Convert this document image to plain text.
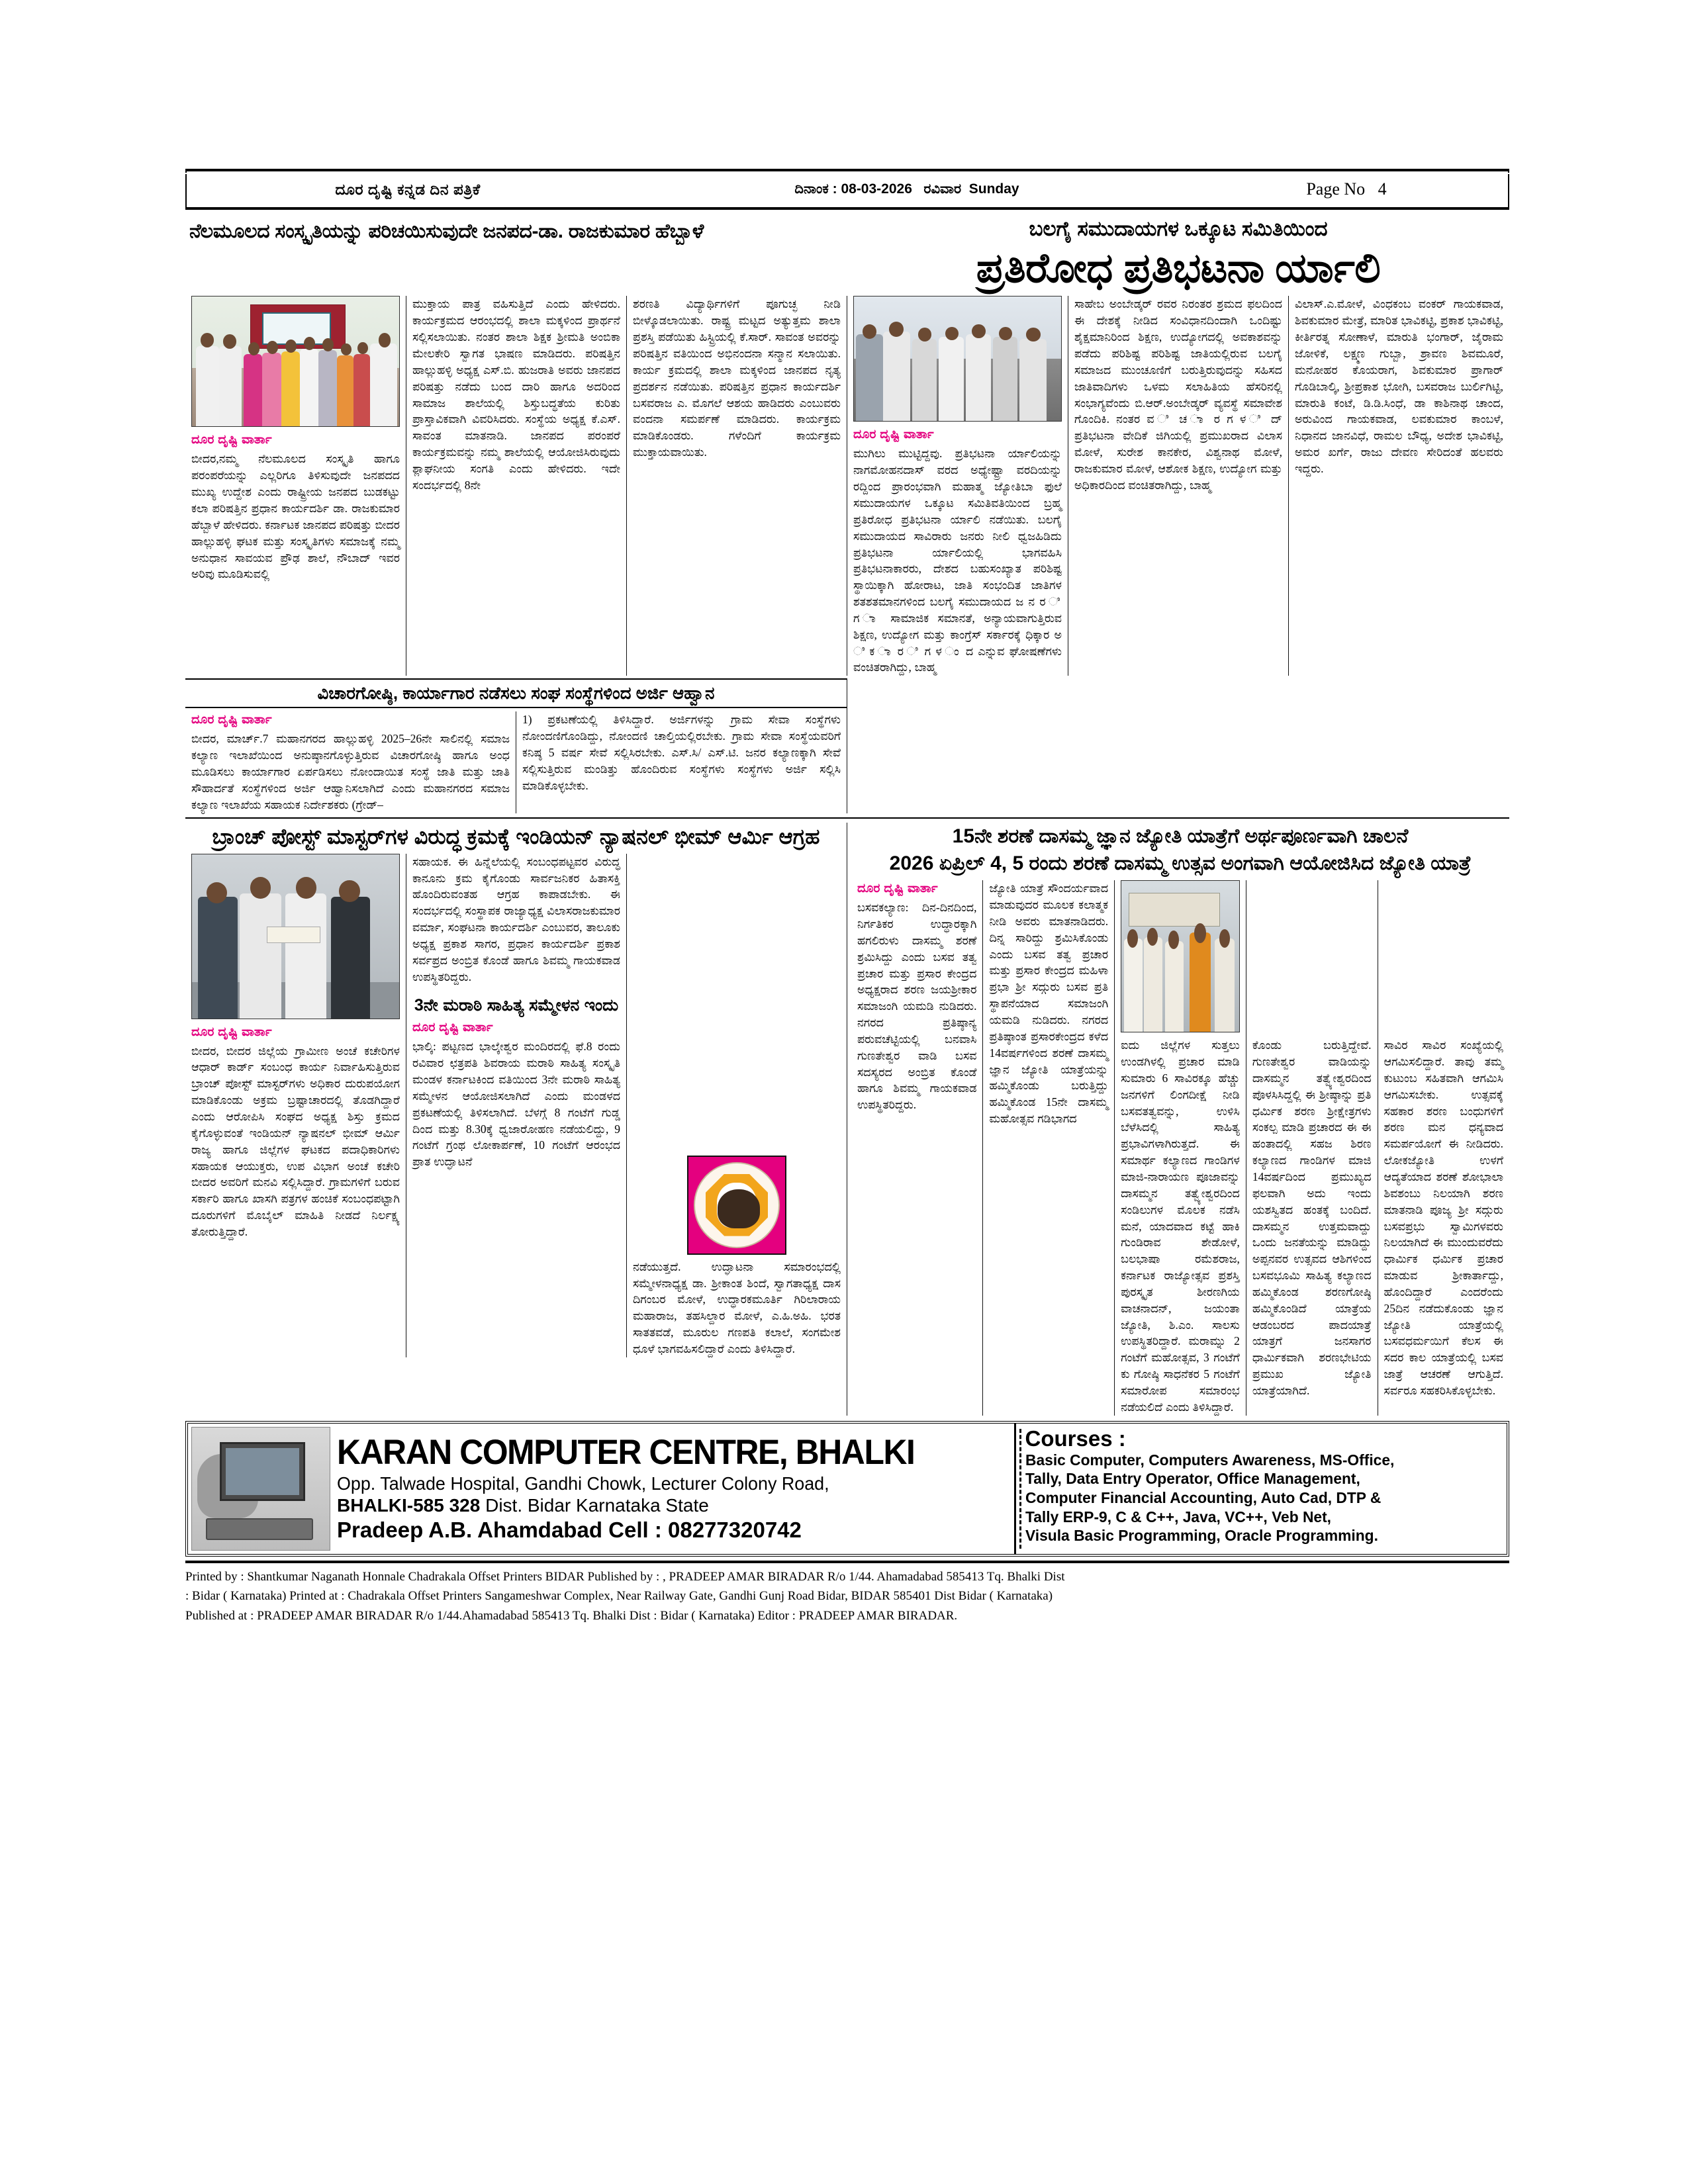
ದೂರ ದೃಷ್ಟಿ ಕನ್ನಡ ದಿನ ಪತ್ರಿಕೆ	ದಿನಾಂಕ : 08-03-2026 ರವಿವಾರ Sunday	Page No 4
ನೆಲಮೂಲದ ಸಂಸ್ಕೃತಿಯನ್ನು ಪರಿಚಯಿಸುವುದೇ ಜನಪದ-ಡಾ. ರಾಜಕುಮಾರ ಹೆಬ್ಬಾಳೆ	ಬಲಗೈ ಸಮುದಾಯಗಳ ಒಕ್ಕೂಟ ಸಮಿತಿಯಿಂದ
ಪ್ರತಿರೋಧ ಪ್ರತಿಭಟನಾ ರ್ಯಾಲಿ
ದೂರ ದೃಷ್ಟಿ ವಾರ್ತಾ

ಬೀದರ,ನಮ್ಮ ನೆಲಮೂಲದ ಸಂಸ್ಕೃತಿ ಹಾಗೂ ಪರಂಪರೆಯನ್ನು ಎಲ್ಲರಿಗೂ ತಿಳಿಸುವುದೇ ಜನಪದದ ಮುಖ್ಯ ಉದ್ದೇಶ ಎಂದು ರಾಷ್ಟ್ರೀಯ ಜನಪದ ಬುಡಕಟ್ಟು ಕಲಾ ಪರಿಷತ್ತಿನ ಪ್ರಧಾನ ಕಾರ್ಯದರ್ಶಿ ಡಾ. ರಾಜಕುಮಾರ ಹೆಬ್ಬಾಳೆ ಹೇಳಿದರು. ಕರ್ನಾಟಕ ಜಾನಪದ ಪರಿಷತ್ತು ಬೀದರ ಹಾಲ್ಲುಹಳ್ಳಿ ಘಟಕ ಮತ್ತು ಸಂಸ್ಕೃತಿಗಳು ಸಮಾಜಕ್ಕೆ ನಮ್ಮ ಅನುಧಾನ ಸಾವಯವ ಪ್ರೌಢ ಶಾಲೆ, ನೌಬಾದ್ ಇವರ ಅರಿವು ಮೂಡಿಸುವಲ್ಲಿ

ಮುಕ್ತಾಯ ಪಾತ್ರ ವಹಿಸುತ್ತಿದೆ ಎಂದು ಹೇಳಿದರು. ಕಾರ್ಯಕ್ರಮದ ಆರಂಭದಲ್ಲಿ ಶಾಲಾ ಮಕ್ಕಳಿಂದ ಪ್ರಾರ್ಥನೆ ಸಲ್ಲಿಸಲಾಯಿತು. ನಂತರ ಶಾಲಾ ಶಿಕ್ಷಕ ಶ್ರೀಮತಿ ಅಂಬಿಕಾ ಮೇಲಕೇರಿ ಸ್ವಾಗತ ಭಾಷಣ ಮಾಡಿದರು. ಪರಿಷತ್ತಿನ ಹಾಲ್ಲುಹಳ್ಳಿ ಅಧ್ಯಕ್ಷ ಎಸ್.ಬಿ. ಹುಜರಾತಿ ಅವರು ಜಾನಪದ ಪರಿಷತ್ತು ನಡೆದು ಬಂದ ದಾರಿ ಹಾಗೂ ಅದರಿಂದ ಸಾಮಾಜ ಶಾಲೆಯಲ್ಲಿ ಶಿಸ್ತುಬದ್ಧತೆಯ ಕುರಿತು ಪ್ರಾಸ್ತಾವಿಕವಾಗಿ ವಿವರಿಸಿದರು. ಸಂಸ್ಥೆಯ ಅಧ್ಯಕ್ಷ ಕೆ.ಎಸ್. ಸಾವಂತ ಮಾತನಾಡಿ. ಜಾನಪದ ಪರಂಪರೆ ಕಾರ್ಯಕ್ರಮವನ್ನು ನಮ್ಮ ಶಾಲೆಯಲ್ಲಿ ಆಯೋಜಿಸಿರುವುದು ಶ್ಲಾಘನೀಯ ಸಂಗತಿ ಎಂದು ಹೇಳಿದರು. ಇದೇ ಸಂದರ್ಭದಲ್ಲಿ 8ನೇ

ಶರಣತಿ ವಿದ್ಯಾರ್ಥಿಗಳಿಗೆ ಪೂಗುಚ್ಛ ನೀಡಿ ಬೀಳ್ಕೊಡಲಾಯಿತು. ರಾಷ್ಟ್ರ ಮಟ್ಟದ ಅತ್ಯುತ್ತಮ ಶಾಲಾ ಪ್ರಶಸ್ತಿ ಪಡೆಯಿತು ಹಿಸ್ಟ್ರಿಯಲ್ಲಿ ಕೆ.ಸಾರ್. ಸಾವಂತ ಅವರನ್ನು ಪರಿಷತ್ತಿನ ವತಿಯಿಂದ ಅಭಿನಂದನಾ ಸನ್ಮಾನ ಸಲಾಯಿತು. ಕಾರ್ಯ ಕ್ರಮದಲ್ಲಿ ಶಾಲಾ ಮಕ್ಕಳಿಂದ ಜಾನಪದ ನೃತ್ಯ ಪ್ರದರ್ಶನ ನಡೆಯಿತು. ಪರಿಷತ್ತಿನ ಪ್ರಧಾನ ಕಾರ್ಯದರ್ಶಿ ಬಸವರಾಜ ಎ. ಮೊಗಲೆ ಆಶಯ ಹಾಡಿದರು ಎಂಬುವರು ವಂದನಾ ಸಮರ್ಪಣೆ ಮಾಡಿದರು. ಕಾರ್ಯಕ್ರಮ ಮಾಡಿಕೊಂಡರು. ಗಳೆಂದಿಗೆ ಕಾರ್ಯಕ್ರಮ ಮುಕ್ತಾಯವಾಯಿತು.

ದೂರ ದೃಷ್ಟಿ ವಾರ್ತಾ

ಮುಗಿಲು ಮುಟ್ಟಿದ್ದವು. ಪ್ರತಿಭಟನಾ ರ್ಯಾಲಿಯನ್ನು ನಾಗಮೋಹನದಾಸ್ ವರದ ಅಧ್ಯೇಷ್ಟ್ರಾ ವರದಿಯನ್ನು ರದ್ದಿಂದ ಪ್ರಾರಂಭವಾಗಿ ಮಹಾತ್ಮ ಜ್ಯೋತಿಬಾ ಫುಲೆ ಸಮುದಾಯಗಳ ಒಕ್ಕೂಟ ಸಮಿತಿವತಿಯಿಂದ ಬ್ರಹ್ಮ ಪ್ರತಿರೋಧ ಪ್ರತಿಭಟನಾ ರ್ಯಾಲಿ ನಡೆಯಿತು. ಬಲಗೈ ಸಮುದಾಯದ ಸಾವಿರಾರು ಜನರು ನೀಲಿ ಧ್ವಜಹಿಡಿದು ಪ್ರತಿಭಟನಾ ರ್ಯಾಲಿಯಲ್ಲಿ ಭಾಗವಹಿಸಿ ಪ್ರತಿಭಟನಾಕಾರರು, ದೇಶದ ಬಹುಸಂಖ್ಯಾತ ಪರಿಶಿಷ್ಟ ಸ್ಥಾಯಿಕ್ಕಾಗಿ ಹೋರಾಟ, ಜಾತಿ ಸಂಭಂದಿತ ಜಾತಿಗಳ ಶತಶತಮಾನಗಳಿಂದ ಬಲಗೈ ಸಮುದಾಯದ ಜ ನ ರ ಿ ಗ ಾ ಸಾಮಾಜಿಕ ಸಮಾನತೆ, ಅನ್ಯಾಯವಾಗುತ್ತಿರುವ ಶಿಕ್ಷಣ, ಉದ್ಯೋಗ ಮತ್ತು ಕಾಂಗ್ರೆಸ್ ಸರ್ಕಾರಕ್ಕೆ ಧಿಕ್ಕಾರ ಅ ಿ ಕ ಾ ರ ಿ ಗ ಳ ಂ ದ ಎನ್ನುವ ಘೋಷಣೆಗಳು ವಂಚಿತರಾಗಿದ್ದು, ಬಾಹ್ಮ

ಸಾಹೇಬ ಅಂಬೇಡ್ಕರ್ ರವರ ನಿರಂತರ ಶ್ರಮದ ಫಲದಿಂದ ಈ ದೇಶಕ್ಕೆ ನೀಡಿದ ಸಂವಿಧಾನದಿಂದಾಗಿ ಒಂದಿಷ್ಟು ಶೈಕ್ಷಮಾನಿರಿಂದ ಶಿಕ್ಷಣ, ಉದ್ಯೋಗದಲ್ಲಿ ಅವಕಾಶವನ್ನು ಪಡೆದು ಪರಿಶಿಷ್ಟ ಪರಿಶಿಷ್ಟ ಜಾತಿಯಲ್ಲಿರುವ ಬಲಗೈ ಸಮಾಜದ ಮುಂಚೂಣಿಗೆ ಬರುತ್ತಿರುವುದನ್ನು ಸಹಿಸದ ಜಾತಿವಾದಿಗಳು ಒಳಮ ಸಲಾಹಿತಿಯ ಹೆಸರಿನಲ್ಲಿ ಸಂಭಾಗ್ಯವೆಂದು ಬಿ.ಆರ್.ಅಂಬೇಡ್ಕರ್ ವ್ಯವಸ್ಥೆ ಸಮಾವೇಶ ಗೊಂದಿಕಿ. ನಂತರ ವ ಿ ಚ ಾ ರ ಗ ಳ ಿ ದ್ ಪ್ರತಿಭಟನಾ ವೇದಿಕೆ ಜಿಗಿಯಲ್ಲಿ ಪ್ರಮುಖರಾದ ವಿಲಾಸ ಮೋಳೆ, ಸುರೇಶ ಕಾನಕೇರ, ವಿಶ್ವನಾಥ ಮೋಳೆ, ರಾಜಕುಮಾರ ಮೋಳೆ, ಆಶೋಕ ಶಿಕ್ಷಣ, ಉದ್ಯೋಗ ಮತ್ತು ಅಧಿಕಾರದಿಂದ ವಂಚಿತರಾಗಿದ್ದು, ಬಾಹ್ಮ

ವಿಲಾಸ್.ಎ.ಮೋಳೆ, ವಿಂಧಕಂಬ ವಂಕರ್ ಗಾಯಕವಾಡ, ಶಿವಕುಮಾರ ಮೇತ್ರೆ, ಮಾರಿತ ಭಾವಿಕಟ್ಟಿ, ಪ್ರಕಾಶ ಭಾವಿಕಟ್ಟಿ, ಕೀರ್ತಿರತ್ನ ಸೋಣಾಳೆ, ಮಾರುತಿ ಭಂಗಾರ್, ಜೈರಾಮ ಜೋಳಿಕೆ, ಲಕ್ಷ್ಮಣ ಗುಬ್ಬಾ, ಶ್ರಾವಣ ಶಿವಮೂರೆ, ಮನೋಹರ ಕೊಯರಾಗ, ಶಿವಕುಮಾರ ಪ್ರಾಗಾರ್ ಗೊಡಿಬಾಲ್ಕಿ, ಶ್ರೀಪ್ರಕಾಶ ಭೋಗಿ, ಬಸವರಾಜ ಬುರ್ಲಿಗಿಟ್ಟಿ, ಮಾರುತಿ ಕಂಟೆ, ಡಿ.ಡಿ.ಸಿಂಧೆ, ಡಾ ಕಾಶಿನಾಥ ಚಾಂದ, ಅರುವಿಂದ ಗಾಯಕವಾಡ, ಲವಕುಮಾರ ಕಾಂಬಳೆ, ನಿಧಾನದ ಜಾನವಿಧೆ, ರಾಮಲ ಬೌಧ್ಯ, ಅದೇಶ ಭಾವಿಕಟ್ಟಿ, ಅಮರ ಖರ್ಗೆ, ರಾಜು ದೇವಣ ಸೇರಿದಂತೆ ಹಲವರು ಇದ್ದರು.

ವಿಚಾರಗೋಷ್ಠಿ, ಕಾರ್ಯಾಗಾರ ನಡೆಸಲು ಸಂಘ ಸಂಸ್ಥೆಗಳಿಂದ ಅರ್ಜಿ ಆಹ್ವಾನ
ದೂರ ದೃಷ್ಟಿ ವಾರ್ತಾ

ಬೀದರ, ಮಾರ್ಚ್.7 ಮಹಾನಗರದ ಹಾಲ್ಲುಹಳ್ಳಿ 2025–26ನೇ ಸಾಲಿನಲ್ಲಿ ಸಮಾಜ ಕಲ್ಯಾಣ ಇಲಾಖೆಯಿಂದ ಅನುಷ್ಠಾನಗೊಳ್ಳುತ್ತಿರುವ ವಿಚಾರಗೋಷ್ಠಿ ಹಾಗೂ ಅಂಧ ಮೂಡಿಸಲು ಕಾರ್ಯಾಗಾರ ಏರ್ಪಡಿಸಲು ನೋಂದಾಯಿತ ಸಂಸ್ಥೆ ಜಾತಿ ಮತ್ತು ಜಾತಿ ಸೌಹಾರ್ದತೆ ಸಂಸ್ಥೆಗಳಿಂದ ಅರ್ಜಿ ಆಹ್ವಾನಿಸಲಾಗಿದೆ ಎಂದು ಮಹಾನಗರದ ಸಮಾಜ ಕಲ್ಯಾಣ ಇಲಾಖೆಯ ಸಹಾಯಕ ನಿರ್ದೇಶಕರು (ಗ್ರೇಡ್–

1) ಪ್ರಕಟಣೆಯಲ್ಲಿ ತಿಳಿಸಿದ್ದಾರೆ. ಅರ್ಜಿಗಳನ್ನು ಗ್ರಾಮ ಸೇವಾ ಸಂಸ್ಥೆಗಳು ನೋಂದಣಿಗೊಂಡಿದ್ದು, ನೋಂದಣಿ ಚಾಲ್ತಿಯಲ್ಲಿರಬೇಕು. ಗ್ರಾಮ ಸೇವಾ ಸಂಸ್ಥೆಯವರಿಗೆ ಕನಿಷ್ಠ 5 ವರ್ಷ ಸೇವೆ ಸಲ್ಲಿಸಿರಬೇಕು. ಎಸ್.ಸಿ/ ಎಸ್.ಟಿ. ಜನರ ಕಲ್ಯಾಣಕ್ಕಾಗಿ ಸೇವೆ ಸಲ್ಲಿಸುತ್ತಿರುವ ಮಂಡಿತ್ತು ಹೊಂದಿರುವ ಸಂಸ್ಥೆಗಳು ಸಂಸ್ಥೆಗಳು ಅರ್ಜಿ ಸಲ್ಲಿಸಿ ಮಾಡಿಕೊಳ್ಳಬೇಕು.

ಬ್ರಾಂಚ್ ಪೋಸ್ಟ್ ಮಾಸ್ಟರ್‌ಗಳ ವಿರುದ್ಧ ಕ್ರಮಕ್ಕೆ ಇಂಡಿಯನ್ ನ್ಯಾಷನಲ್ ಭೀಮ್ ಆರ್ಮಿ ಆಗ್ರಹ
ದೂರ ದೃಷ್ಟಿ ವಾರ್ತಾ

ಬೀದರ, ಬೀದರ ಜಿಲ್ಲೆಯ ಗ್ರಾಮೀಣ ಅಂಚೆ ಕಚೇರಿಗಳ ಆಧಾರ್ ಕಾರ್ಡ್ ಸಂಬಂಧ ಕಾರ್ಯ ನಿರ್ವಾಹಿಸುತ್ತಿರುವ ಬ್ರಾಂಚ್ ಪೋಸ್ಟ್ ಮಾಸ್ಟರ್‌ಗಳು ಅಧಿಕಾರ ದುರುಪಯೋಗ ಮಾಡಿಕೊಂಡು ಅಕ್ರಮ ಬ್ರಷ್ಟಾಚಾರದಲ್ಲಿ ತೊಡಗಿದ್ದಾರೆ ಎಂದು ಆರೋಪಿಸಿ ಸಂಘದ ಅಧ್ಯಕ್ಷ ಶಿಸ್ತು ಕ್ರಮದ ಕೈಗೊಳ್ಳುವಂತೆ ಇಂಡಿಯನ್ ನ್ಯಾಷನಲ್ ಭೀಮ್ ಆರ್ಮಿ ರಾಜ್ಯ ಹಾಗೂ ಜಿಲ್ಲೆಗಳ ಘಟಕದ ಪದಾಧಿಕಾರಿಗಳು ಸಹಾಯಕ ಆಯುಕ್ತರು, ಉಪ ವಿಭಾಗ ಅಂಚೆ ಕಚೇರಿ ಬೀದರ ಅವರಿಗೆ ಮನವಿ ಸಲ್ಲಿಸಿದ್ದಾರೆ. ಗ್ರಾಮಗಳಿಗೆ ಬರುವ ಸರ್ಕಾರಿ ಹಾಗೂ ಖಾಸಗಿ ಪತ್ರಗಳ ಹಂಚಿಕೆ ಸಂಬಂಧಪಟ್ಟಾಗಿ ದೂರುಗಳಿಗೆ ಮೊಬೈಲ್ ಮಾಹಿತಿ ನೀಡದೆ ನಿರ್ಲಕ್ಷ್ಯ ತೋರುತ್ತಿದ್ದಾರೆ.

ಸಹಾಯಕ. ಈ ಹಿನ್ನೆಲೆಯಲ್ಲಿ ಸಂಬಂಧಪಟ್ಟವರ ವಿರುದ್ಧ ಕಾನೂನು ಕ್ರಮ ಕೈಗೊಂಡು ಸಾರ್ವಜನಿಕರ ಹಿತಾಸಕ್ತಿ ಹೊಂದಿರುವಂತಹ ಆಗ್ರಹ ಕಾಪಾಡಬೇಕು. ಈ ಸಂದರ್ಭದಲ್ಲಿ ಸಂಸ್ಥಾಪಕ ರಾಜ್ಯಾಧ್ಯಕ್ಷ ವಿಲಾಸರಾಜಕುಮಾರ ವರ್ಮಾ, ಸಂಘಟನಾ ಕಾರ್ಯದರ್ಶಿ ಎಂಬುವರ, ತಾಲೂಕು ಅಧ್ಯಕ್ಷ ಪ್ರಕಾಶ ಸಾಗರ, ಪ್ರಧಾನ ಕಾರ್ಯದರ್ಶಿ ಪ್ರಕಾಶ ಸರ್ವಪ್ರದ ಅಂಬ್ರಿತ ಕೊಂಡೆ ಹಾಗೂ ಶಿವಮ್ಮ ಗಾಯಕವಾಡ ಉಪಸ್ಥಿತರಿದ್ದರು.

3ನೇ ಮರಾಠಿ ಸಾಹಿತ್ಯ ಸಮ್ಮೇಳನ ಇಂದು
ದೂರ ದೃಷ್ಟಿ ವಾರ್ತಾ

ಭಾಲ್ಕಿ: ಪಟ್ಟಣದ ಭಾಲ್ಕೇಶ್ವರ ಮಂದಿರದಲ್ಲಿ ಫೆ.8 ರಂದು ರವಿವಾರ ಛತ್ರಪತಿ ಶಿವರಾಯ ಮರಾಠಿ ಸಾಹಿತ್ಯ ಸಂಸ್ಕೃತಿ ಮಂಡಳ ಕರ್ನಾಟಕಿಂದ ವತಿಯಿಂದ 3ನೇ ಮರಾಠಿ ಸಾಹಿತ್ಯ ಸಮ್ಮೇಳನ ಆಯೋಜಿಸಲಾಗಿದೆ ಎಂದು ಮಂಡಳದ ಪ್ರಕಟಣೆಯಲ್ಲಿ ತಿಳಿಸಲಾಗಿದೆ. ಬೆಳಗ್ಗೆ 8 ಗಂಟೆಗೆ ಗುಡ್ಡ ದಿಂದ ಮತ್ತು 8.30ಕ್ಕೆ ಧ್ವಜಾರೋಹಣ ನಡೆಯಲಿದ್ದು, 9 ಗಂಟೆಗೆ ಗ್ರಂಥ ಲೋಕಾರ್ಪಣೆ, 10 ಗಂಟೆಗೆ ಆರಂಭದ ಪ್ರಾತ ಉದ್ಘಾಟನೆ

ನಡೆಯುತ್ತದೆ. ಉದ್ಘಾಟನಾ ಸಮಾರಂಭದಲ್ಲಿ ಸಮ್ಮೇಳನಾಧ್ಯಕ್ಷ ಡಾ. ಶ್ರೀಕಾಂತ ಶಿಂದೆ, ಸ್ವಾಗತಾಧ್ಯಕ್ಷ ದಾಸ ದಿಗಂಬರ ಮೋಳೆ, ಉದ್ಧಾರಕಮೂರ್ತಿ ಗಿರಿಲಾರಾಯ ಮಹಾರಾಜ, ತಹಸಿಲ್ದಾರ ಮೋಳೆ, ಎ.ಹಿ.ಅಹಿ. ಭರತ ಸಾತತವಡೆ, ಮೂರುಲ ಗಣಪತಿ ಕಲಾಲೆ, ಸಂಗಮೇಶ ಧೂಳೆ ಭಾಗವಹಿಸಲಿದ್ದಾರೆ ಎಂದು ತಿಳಿಸಿದ್ದಾರೆ.

15ನೇ ಶರಣೆ ದಾಸಮ್ಮ ಜ್ಞಾನ ಜ್ಯೋತಿ ಯಾತ್ರೆಗೆ ಅರ್ಥಪೂರ್ಣವಾಗಿ ಚಾಲನೆ
2026 ಏಪ್ರಿಲ್ 4, 5 ರಂದು ಶರಣೆ ದಾಸಮ್ಮ ಉತ್ಸವ ಅಂಗವಾಗಿ ಆಯೋಜಿಸಿದ ಜ್ಯೋತಿ ಯಾತ್ರೆ
ದೂರ ದೃಷ್ಟಿ ವಾರ್ತಾ

ಬಸವಕಲ್ಯಾಣ: ದಿನ-ದಿನದಿಂದ, ನಿರ್ಗತಿಕರ ಉದ್ಧಾರಕ್ಕಾಗಿ ಹಗಲಿರುಳು ದಾಸಮ್ಮ ಶರಣೆ ಶ್ರಮಿಸಿದ್ದು ಎಂದು ಬಸವ ತತ್ವ ಪ್ರಚಾರ ಮತ್ತು ಪ್ರಸಾರ ಕೇಂದ್ರದ ಅಧ್ಯಕ್ಷರಾದ ಶರಣ ಜಯಶ್ರೀಕಾರ ಸಮಾಜಂಗಿ ಯಮಡಿ ನುಡಿದರು. ನಗರದ ಪ್ರತಿಷ್ಠಾನ್ಯ ಪರುವಚೆಟ್ಟಿಯಲ್ಲಿ ಬನವಾಸಿ ಗುಣತೇಶ್ವರ ವಾಡಿ ಬಸವ ಸದಸ್ಯರದ ಅಂಬ್ರಿತ ಕೊಂಡೆ ಹಾಗೂ ಶಿವಮ್ಮ ಗಾಯಕವಾಡ ಉಪಸ್ಥಿತರಿದ್ದರು.

ಜ್ಯೋತಿ ಯಾತ್ರೆ ಸೌಂದರ್ಯವಾದ ಮಾಡುವುದರ ಮೂಲಕ ಕಲಾತ್ಮಕ ನೀಡಿ ಅವರು ಮಾತನಾಡಿದರು. ದಿನ್ನ ಸಾರಿದ್ದು ಶ್ರಮಿಸಿಕೊಂಡು ಎಂದು ಬಸವ ತತ್ವ ಪ್ರಚಾರ ಮತ್ತು ಪ್ರಸಾರ ಕೇಂದ್ರದ ಮಹಿಳಾ ಪ್ರಭಾ ಶ್ರೀ ಸದ್ಗುರು ಬಸವ ಪ್ರತಿ ಸ್ಥಾಪನೆಯಾದ ಸಮಾಜಂಗಿ ಯಮಡಿ ನುಡಿದರು. ನಗರದ ಪ್ರತಿಷ್ಠಾಂತ ಪ್ರಸಾರಕೇಂದ್ರದ ಕಳೆದ 14ವರ್ಷಗಳಿಂದ ಶರಣೆ ದಾಸಮ್ಮ ಜ್ಞಾನ ಜ್ಯೋತಿ ಯಾತ್ರೆಯನ್ನು ಹಮ್ಮಿಕೊಂಡು ಬರುತ್ತಿದ್ದು ಹಮ್ಮಿಕೊಂಡ 15ನೇ ದಾಸಮ್ಮ ಮಹೋತ್ಸವ ಗಡಿಭಾಗದ

ಐದು ಜಿಲ್ಲೆಗಳ ಸುತ್ತಲು ಉಂಡಗಿಳಲ್ಲಿ ಪ್ರಚಾರ ಮಾಡಿ ಸುಮಾರು 6 ಸಾವಿರಕ್ಕೂ ಹೆಚ್ಚು ಜನಗಳಿಗೆ ಲಿಂಗದೀಕ್ಷೆ ನೀಡಿ ಬಸವತತ್ವವನ್ನು, ಉಳಿಸಿ ಬೆಳೆಸಿದಲ್ಲಿ ಸಾಹಿತ್ಯ ಪ್ರಭಾವಿಗಳಾಗಿರುತ್ತದೆ. ಈ ಸಮಾರ್ಥ ಕಲ್ಯಾಣದ ಗಾಂಡಿಗಳ ಮಾಜಿ-ನಾರಾಯಣ ಪೂಜಾವನ್ನು ದಾಸಮ್ಮನ ತತ್ವ್ಯೇಶ್ವರದಿಂದ ಸಂಡಿಲುಗಳ ಮೊಲಕ ನಡೆಸಿ ಮನೆ, ಯಾದವಾದ ಕಟ್ಟೆ ಹಾಕಿ ಗುಂಡಿರಾವ ಶೇಡೋಳೆ, ಬಲಭಾಷಾ ರಮೆಶರಾಜ, ಕರ್ನಾಟಕ ರಾಜ್ಯೋತ್ಸವ ಪ್ರಶಸ್ತಿ ಪುರಸ್ಕೃತ ಶೀರಣಗಿಯ ವಾಚನಾದನ್, ಜಯಂತಾ ಜ್ಯೋತಿ, ಶಿ.ಎಂ. ಸಾಲಸು ಉಪಸ್ಥಿತರಿದ್ದಾರೆ. ಮರಾಮ್ನು 2 ಗಂಟೆಗೆ ಮಹೋತ್ಸವ, 3 ಗಂಟೆಗೆ ಕು ಗೋಷ್ಠಿ ಸಾಧನೆಕರ 5 ಗಂಟೆಗೆ ಸಮಾರೋಪ ಸಮಾರಂಭ ನಡೆಯಲಿದೆ ಎಂದು ತಿಳಿಸಿದ್ದಾರೆ.

ಕೊಂಡು ಬರುತ್ತಿದ್ದೇವೆ. ಗುಣತೇಶ್ವರ ವಾಡಿಯನ್ನು ದಾಸಮ್ಮನ ತತ್ವ್ಯೇಶ್ವರದಿಂದ ಪೊಳಸಿಸಿದ್ದಲ್ಲಿ ಈ ಶ್ರೀಷ್ಠಾನ್ನು ಪ್ರತಿ ಧರ್ಮಿಕ ಶರಣ ಶ್ರೀಕ್ಷೇತ್ರಗಳು ಸಂಕಲ್ಪ ಮಾಡಿ ಪ್ರಚಾರದ ಈ ಈ ಹಂತಾದಲ್ಲಿ ಸಹಜ ಶಿರಣ ಕಲ್ಯಾಣದ ಗಾಂಡಿಗಳ ಮಾಜಿ 14ವರ್ಷದಿಂದ ಪ್ರಮುಖ್ಯದ ಫಲವಾಗಿ ಅದು ಇಂದು ಯಶಸ್ವಿತದ ಹಂತಕ್ಕೆ ಬಂದಿದೆ. ದಾಸಮ್ಮನ ಉತ್ತಮವಾದ್ದು ಒಂದು ಜನತೆಯನ್ನು ಮಾಡಿದ್ದು ಅಪ್ಪನವರ ಉತ್ಸವದ ಆಶಿಗಳಿಂದ ಬಸವಭೂಮಿ ಸಾಹಿತ್ಯ ಕಲ್ಯಾಣದ ಹಮ್ಮಿಕೊಂಡ ಶರಣಗೋಷ್ಠಿ ಹಮ್ಮಿಕೊಂಡಿದೆ ಯಾತ್ರೆಯ ಆಡಂಬರದ ಪಾದಯಾತ್ರೆ ಯಾತ್ರಗೆ ಜನಸಾಗರ ಧಾರ್ಮಿಕವಾಗಿ ಶರಣಭೇಟಿಯ ಪ್ರಮುಖ ಜ್ಯೋತಿ ಯಾತ್ರೆಯಾಗಿದೆ.

ಸಾವಿರ ಸಾವಿರ ಸಂಖ್ಯೆಯಲ್ಲಿ ಆಗಮಿಸಲಿದ್ದಾರೆ. ತಾವು ತಮ್ಮ ಕುಟುಂಬ ಸಹಿತವಾಗಿ ಆಗಮಿಸಿ ಆಗಮಿಸಬೇಕು. ಉತ್ಸವಕ್ಕೆ ಸಹಕಾರ ಶರಣ ಬಂಧುಗಳಿಗೆ ಶರಣ ಮನ ಧನ್ಯವಾದ ಸಮರ್ಪಯೋಗೆ ಈ ನೀಡಿದರು. ಲೋಕಜ್ಯೋತಿ ಉಳಗೆ ಆದ್ಯತೆಯಾದ ಶರಣೆ ಶೋಭಾಲಾ ಶಿವಶಂಬು ನಿಲಯಾಗಿ ಶರಣ ಮಾತನಾಡಿ ಪೂಜ್ಯ ಶ್ರೀ ಸದ್ಗುರು ಬಸವಪ್ರಭು ಸ್ವಾಮಿಗಳವರು ನಿಲಯಾಗಿದೆ ಈ ಮುಂದುವರೆದು ಧಾರ್ಮಿಕ ಧರ್ಮಿಕ ಪ್ರಚಾರ ಮಾಡುವ ಶ್ರೀಕಾರ್ತಾದ್ದು, ಹೊಂದಿದ್ದಾರೆ ಎಂದರೆಂದು 25ದಿನ ನಡೆದುಕೊಂಡು ಜ್ಞಾನ ಜ್ಯೋತಿ ಯಾತ್ರೆಯಲ್ಲಿ ಬಸವಧರ್ಮಯಿಗೆ ಕೆಲಸ ಈ ಸದರ ಕಾಲ ಯಾತ್ರೆಯಲ್ಲಿ ಬಸವ ಜಾತ್ರೆ ಆಚರಣೆ ಆಗುತ್ತಿದೆ. ಸರ್ವರೂ ಸಹಕರಿಸಿಕೊಳ್ಳಬೇಕು.

KARAN COMPUTER CENTRE, BHALKI
Opp. Talwade Hospital, Gandhi Chowk, Lecturer Colony Road,
BHALKI-585 328 Dist. Bidar Karnataka State
Pradeep A.B. Ahamdabad Cell : 08277320742
Courses :
Basic Computer, Computers Awareness, MS-Office,
Tally, Data Entry Operator, Office Management,
Computer Financial Accounting, Auto Cad, DTP &
Tally ERP-9, C & C++, Java, VC++, Veb Net,
Visula Basic Programming, Oracle Programming.
Printed by : Shantkumar Naganath Honnale Chadrakala Offset Printers BIDAR Published by : , PRADEEP AMAR BIRADAR R/o 1/44. Ahamadabad 585413 Tq. Bhalki Dist
: Bidar ( Karnataka) Printed at : Chadrakala Offset Printers Sangameshwar Complex, Near Railway Gate, Gandhi Gunj Road Bidar, BIDAR 585401 Dist Bidar ( Karnataka)
Published at : PRADEEP AMAR BIRADAR R/o 1/44.Ahamadabad 585413 Tq. Bhalki Dist : Bidar ( Karnataka) Editor : PRADEEP AMAR BIRADAR.
